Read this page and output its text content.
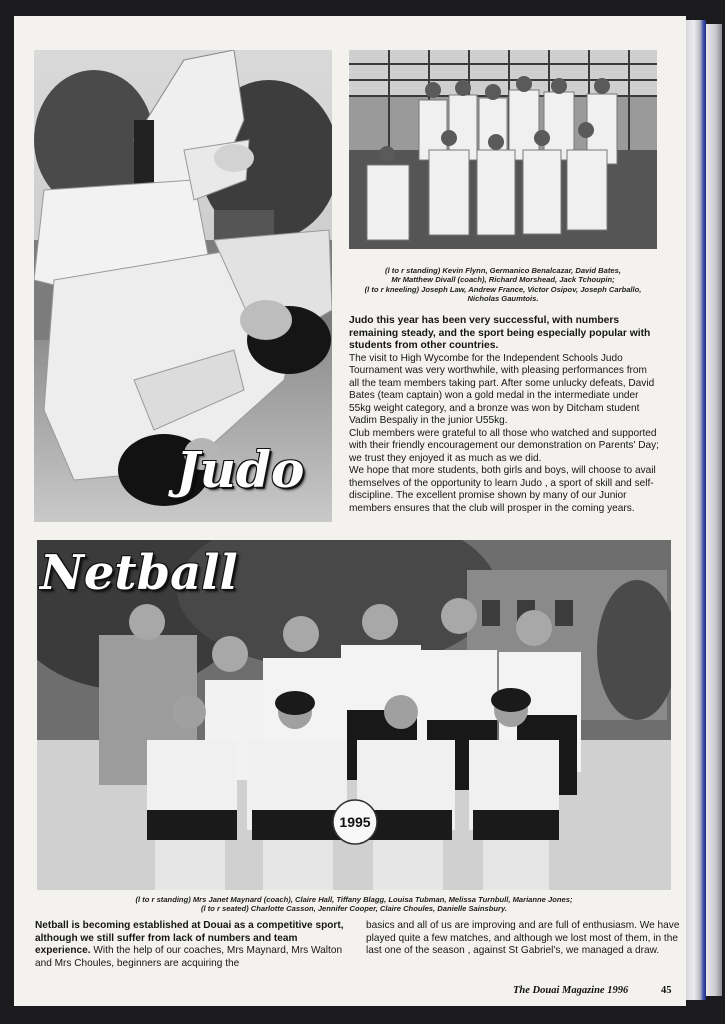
Judo
(l to r standing) Kevin Flynn, Germanico Benalcazar, David Bates,
Mr Matthew Divall (coach), Richard Morshead, Jack Tchoupin;
(l to r kneeling) Joseph Law, Andrew France, Victor Osipov, Joseph Carballo,
Nicholas Gaumtois.
Judo this year has been very successful, with numbers remaining steady, and the sport being especially popular with students from other countries.
The visit to High Wycombe for the Independent Schools Judo Tournament was very worthwhile, with pleasing performances from all the team members taking part. After some unlucky defeats, David Bates (team captain) won a gold medal in the intermediate under 55kg weight category, and a bronze was won by Ditcham student Vadim Bespaliy in the junior U55kg.
Club members were grateful to all those who watched and supported with their friendly encouragement our demonstration on Parents' Day; we trust they enjoyed it as much as we did.
We hope that more students, both girls and boys, will choose to avail themselves of the opportunity to learn Judo , a sport of skill and self-discipline. The excellent promise shown by many of our Junior members ensures that the club will prosper in the coming years.
1995
Netball
(l to r standing) Mrs Janet Maynard (coach), Claire Hall, Tiffany Blagg, Louisa Tubman, Melissa Turnbull, Marianne Jones;
(l to r seated) Charlotte Casson, Jennifer Cooper, Claire Choules, Danielle Sainsbury.
Netball is becoming established at Douai as a competitive sport, although we still suffer from lack of numbers and team experience. With the help of our coaches, Mrs Maynard, Mrs Walton and Mrs Choules, beginners are acquiring the
basics and all of us are improving and are full of enthusiasm. We have played quite a few matches, and although we lost most of them, in the last one of the season , against St Gabriel's, we managed a draw.
The Douai Magazine 1996	45
